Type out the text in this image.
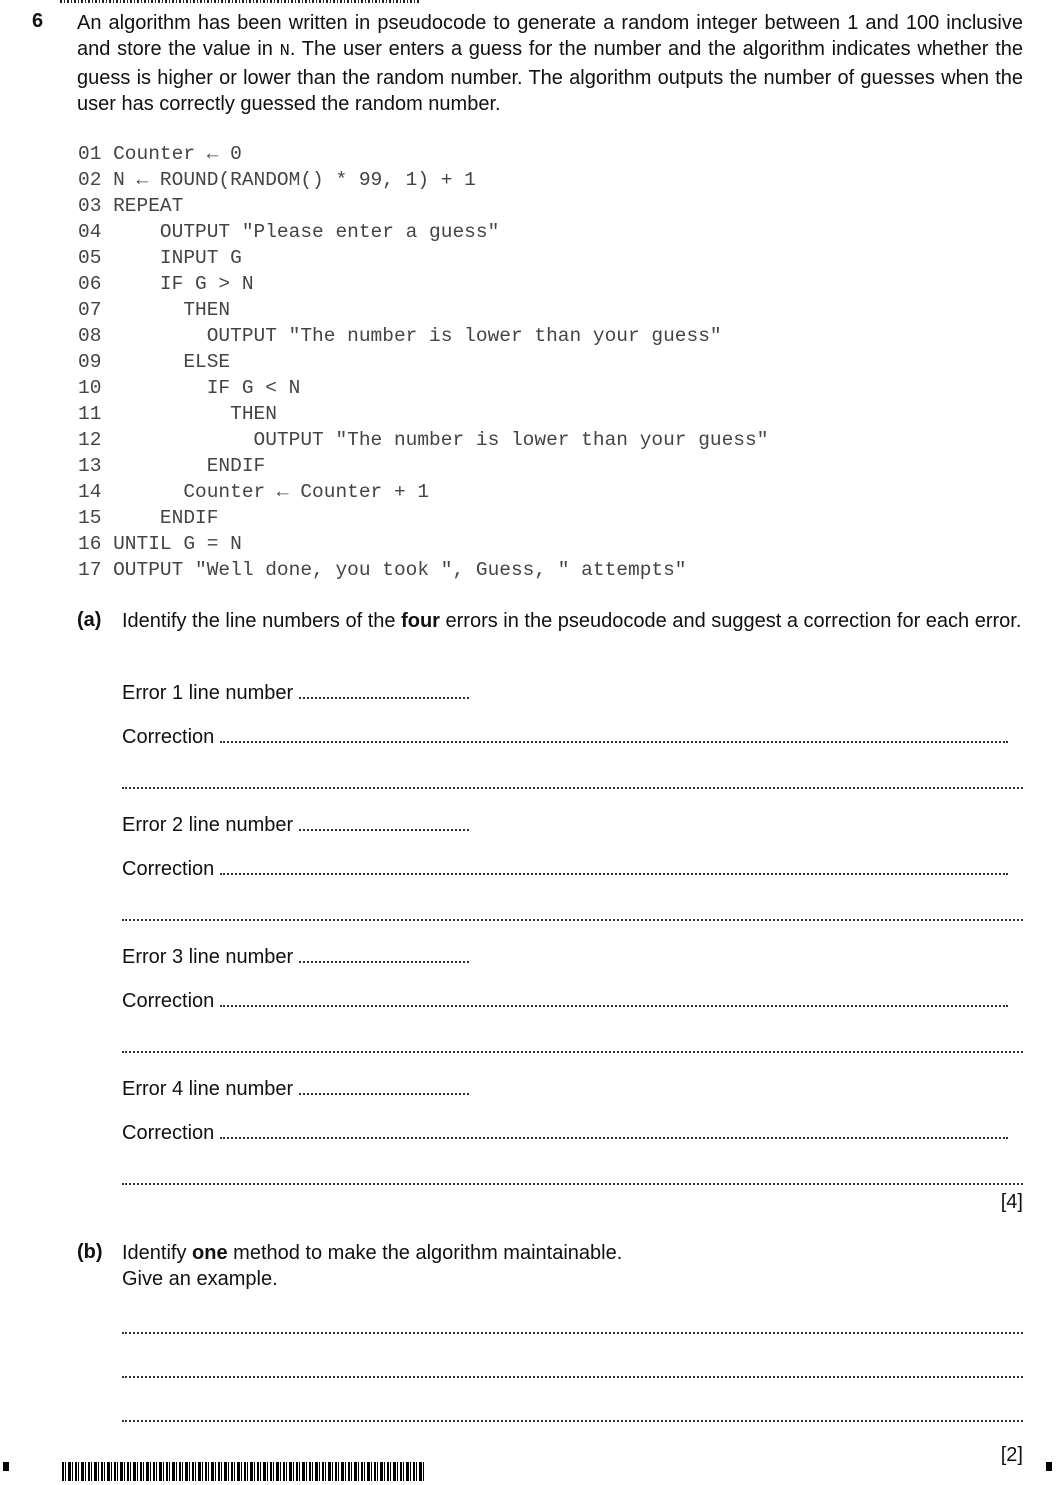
6 An algorithm has been written in pseudocode to generate a random integer between 1 and 100 inclusive and store the value in N. The user enters a guess for the number and the algorithm indicates whether the guess is higher or lower than the random number. The algorithm outputs the number of guesses when the user has correctly guessed the random number.
01 Counter ← 0
02 N ← ROUND(RANDOM() * 99, 1) + 1
03 REPEAT
04     OUTPUT "Please enter a guess"
05     INPUT G
06     IF G > N
07       THEN
08         OUTPUT "The number is lower than your guess"
09       ELSE
10         IF G < N
11           THEN
12             OUTPUT "The number is lower than your guess"
13         ENDIF
14       Counter ← Counter + 1
15     ENDIF
16 UNTIL G = N
17 OUTPUT "Well done, you took ", Guess, " attempts"
(a) Identify the line numbers of the four errors in the pseudocode and suggest a correction for each error.
Error 1 line number
Correction
Error 2 line number
Correction
Error 3 line number
Correction
Error 4 line number
Correction
[4]
(b) Identify one method to make the algorithm maintainable.
Give an example.
[2]
